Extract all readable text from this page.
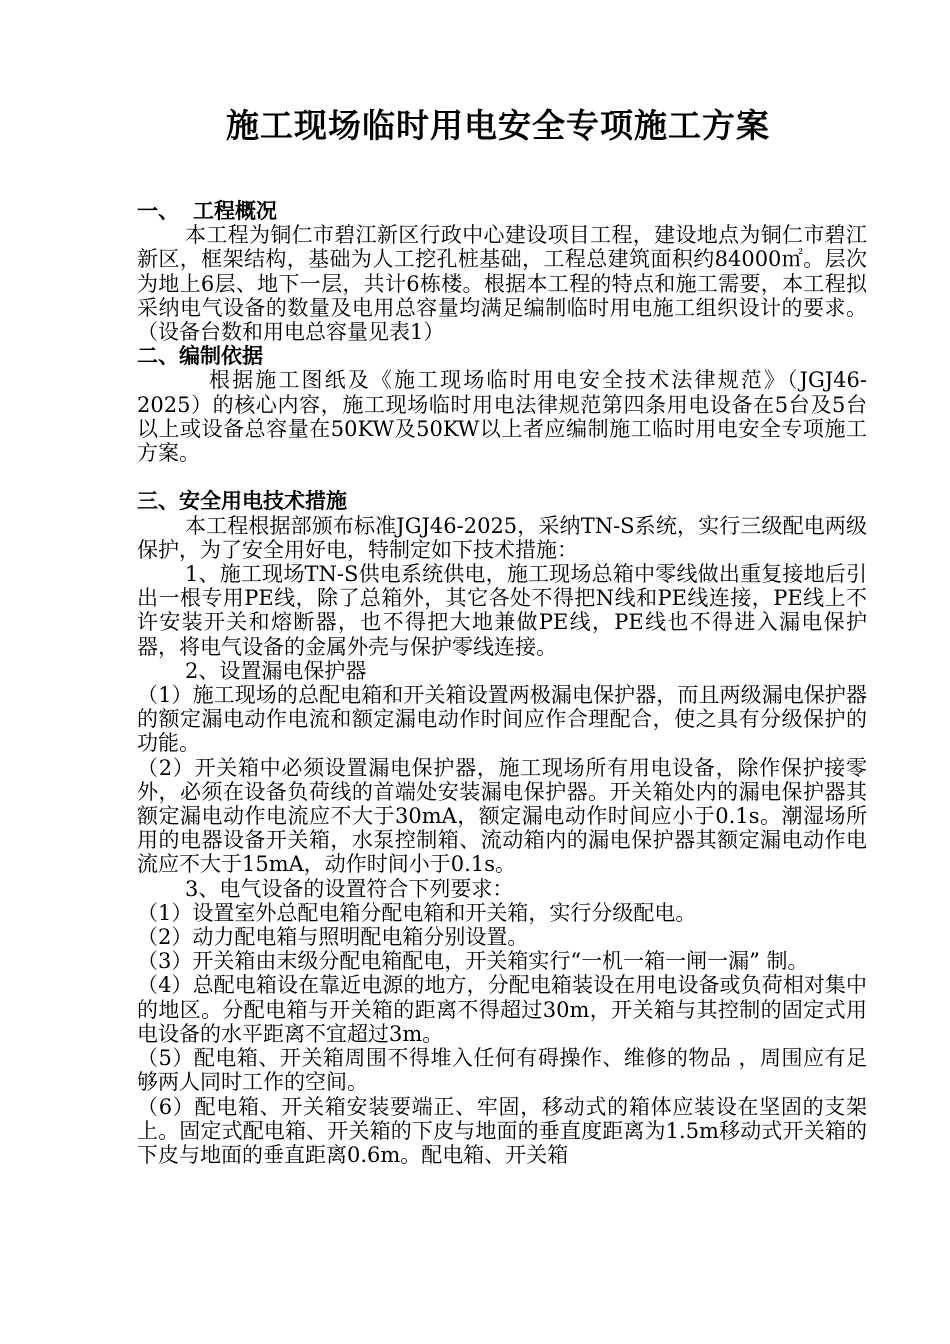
施工现场临时用电安全专项施工方案
一、 工程概况

本工程为铜仁市碧江新区行政中心建设项目工程，建设地点为铜仁市碧江新区，框架结构，基础为人工挖孔桩基础，工程总建筑面积约84000㎡。层次为地上6层、地下一层，共计6栋楼。根据本工程的特点和施工需要，本工程拟采纳电气设备的数量及电用总容量均满足编制临时用电施工组织设计的要求。（设备台数和用电总容量见表1）

二、编制依据

根据施工图纸及《施工现场临时用电安全技术法律规范》（JGJ46-2025）的核心内容，施工现场临时用电法律规范第四条用电设备在5台及5台以上或设备总容量在50KW及50KW以上者应编制施工临时用电安全专项施工方案。

三、安全用电技术措施

本工程根据部颁布标准JGJ46-2025，采纳TN-S系统，实行三级配电两级保护，为了安全用好电，特制定如下技术措施：

1、施工现场TN-S供电系统供电，施工现场总箱中零线做出重复接地后引出一根专用PE线，除了总箱外，其它各处不得把N线和PE线连接，PE线上不许安装开关和熔断器，也不得把大地兼做PE线，PE线也不得进入漏电保护器，将电气设备的金属外壳与保护零线连接。

2、设置漏电保护器

（1）施工现场的总配电箱和开关箱设置两极漏电保护器，而且两级漏电保护器的额定漏电动作电流和额定漏电动作时间应作合理配合，使之具有分级保护的功能。

（2）开关箱中必须设置漏电保护器，施工现场所有用电设备，除作保护接零外，必须在设备负荷线的首端处安装漏电保护器。开关箱处内的漏电保护器其额定漏电动作电流应不大于30mA，额定漏电动作时间应小于0.1s。潮湿场所用的电器设备开关箱，水泵控制箱、流动箱内的漏电保护器其额定漏电动作电流应不大于15mA，动作时间小于0.1s。

3、电气设备的设置符合下列要求：

（1）设置室外总配电箱分配电箱和开关箱，实行分级配电。

（2）动力配电箱与照明配电箱分别设置。

（3）开关箱由末级分配电箱配电，开关箱实行“一机一箱一闸一漏” 制。

（4）总配电箱设在靠近电源的地方，分配电箱装设在用电设备或负荷相对集中的地区。分配电箱与开关箱的距离不得超过30m，开关箱与其控制的固定式用电设备的水平距离不宜超过3m。

（5）配电箱、开关箱周围不得堆入任何有碍操作、维修的物品 ，周围应有足够两人同时工作的空间。

（6）配电箱、开关箱安装要端正、牢固，移动式的箱体应装设在坚固的支架上。固定式配电箱、开关箱的下皮与地面的垂直度距离为1.5m移动式开关箱的下皮与地面的垂直距离0.6m。配电箱、开关箱
